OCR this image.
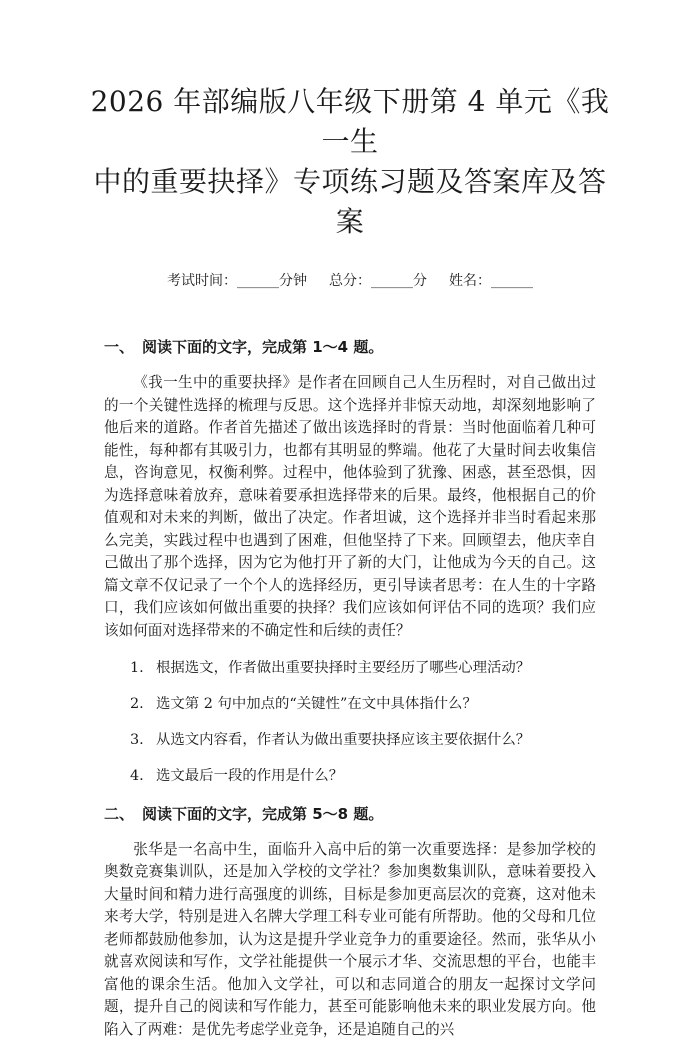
2026 年部编版八年级下册第 4 单元《我一生
中的重要抉择》专项练习题及答案库及答案
考试时间：______分钟 总分：______分 姓名：______
一、 阅读下面的文字，完成第 1～4 题。

《我一生中的重要抉择》是作者在回顾自己人生历程时，对自己做出过的一个关键性选择的梳理与反思。这个选择并非惊天动地，却深刻地影响了他后来的道路。作者首先描述了做出该选择时的背景：当时他面临着几种可能性，每种都有其吸引力，也都有其明显的弊端。他花了大量时间去收集信息，咨询意见，权衡利弊。过程中，他体验到了犹豫、困惑，甚至恐惧，因为选择意味着放弃，意味着要承担选择带来的后果。最终，他根据自己的价值观和对未来的判断，做出了决定。作者坦诚，这个选择并非当时看起来那么完美，实践过程中也遇到了困难，但他坚持了下来。回顾望去，他庆幸自己做出了那个选择，因为它为他打开了新的大门，让他成为今天的自己。这篇文章不仅记录了一个个人的选择经历，更引导读者思考：在人生的十字路口，我们应该如何做出重要的抉择？我们应该如何评估不同的选项？我们应该如何面对选择带来的不确定性和后续的责任？

1. 根据选文，作者做出重要抉择时主要经历了哪些心理活动？
2. 选文第 2 句中加点的“关键性”在文中具体指什么？
3. 从选文内容看，作者认为做出重要抉择应该主要依据什么？
4. 选文最后一段的作用是什么？
二、 阅读下面的文字，完成第 5～8 题。

张华是一名高中生，面临升入高中后的第一次重要选择：是参加学校的奥数竞赛集训队，还是加入学校的文学社？参加奥数集训队，意味着要投入大量时间和精力进行高强度的训练，目标是参加更高层次的竞赛，这对他未来考大学，特别是进入名牌大学理工科专业可能有所帮助。他的父母和几位老师都鼓励他参加，认为这是提升学业竞争力的重要途径。然而，张华从小就喜欢阅读和写作，文学社能提供一个展示才华、交流思想的平台，也能丰富他的课余生活。他加入文学社，可以和志同道合的朋友一起探讨文学问题，提升自己的阅读和写作能力，甚至可能影响他未来的职业发展方向。他陷入了两难：是优先考虑学业竞争，还是追随自己的兴
